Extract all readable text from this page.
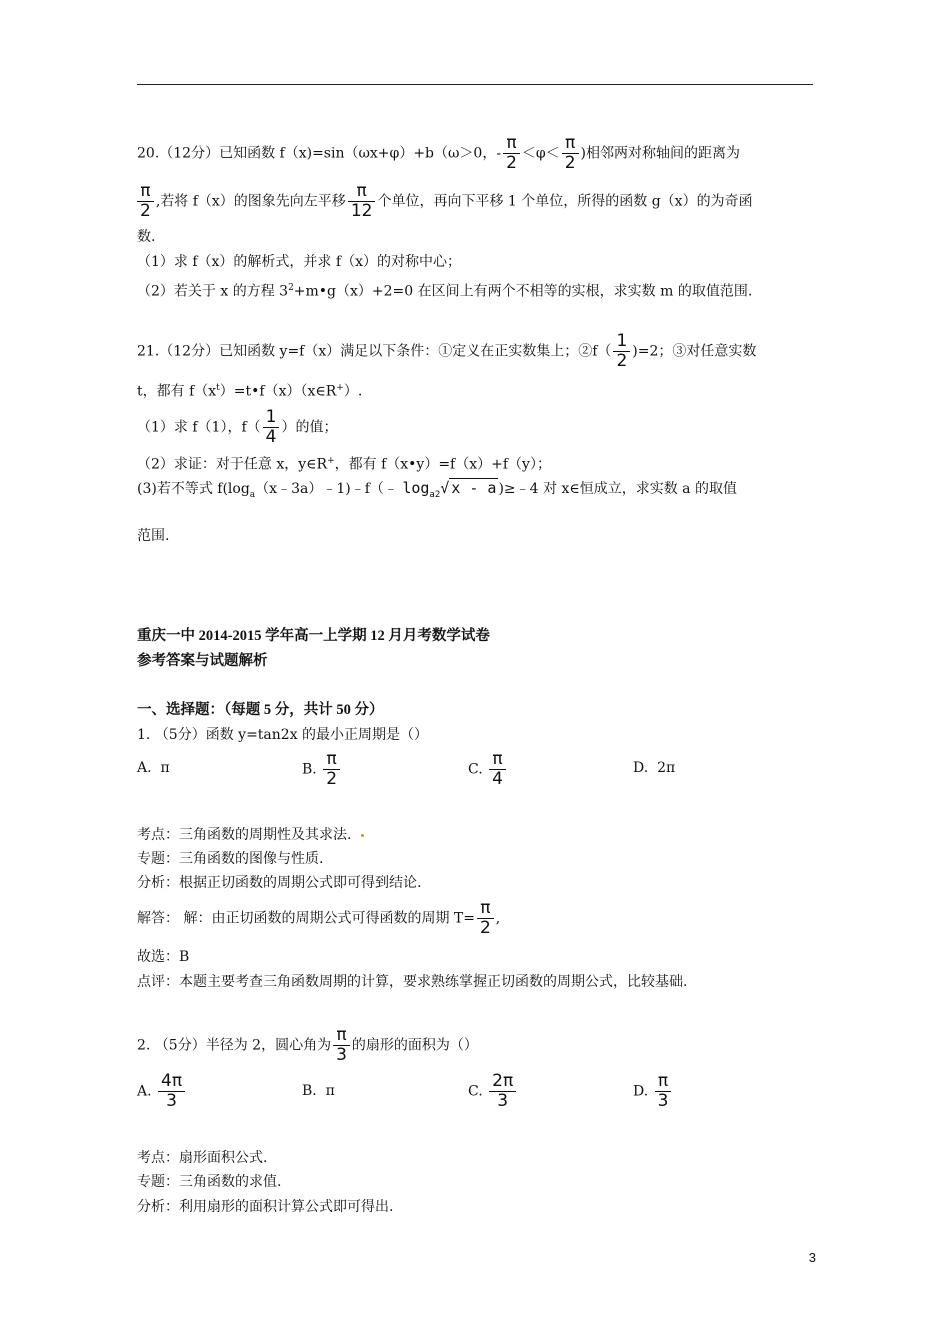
20.（12分）已知函数 f（x)=sin（ωx+φ）+b（ω＞0，- $\frac{\pi}{2} <\varphi< \frac{\pi}{2}$ )相邻两对称轴间的距离为
$\frac{\pi}{2}$ ,若将 f（x）的图象先向左平移 $\frac{\pi}{12}$ 个单位，再向下平移 1 个单位，所得的函数 g（x）的为奇函
数.
（1）求 f（x）的解析式，并求 f（x）的对称中心；
（2）若关于 x 的方程 $3^2+m•g(x)+2=0$ 在区间上有两个不相等的实根，求实数 m 的取值范围.
21.（12分）已知函数 y=f（x）满足以下条件：①定义在正实数集上；②f（ $\frac{1}{2} )=2$；③对任意实数
t，都有 $f(x^t)=t•f(x)(x\in R^+)$.
（1）求 f（1），$f( \frac{1}{4}$ ）的值；
（2）求证：对于任意 x，y∈R+，都有 f（x•y）=f（x）+f（y）；
(3)若不等式 $f(\log_a(x﹣3a)﹣1)﹣f(﹣$ $\log_{a2}√$ x - a )≥﹣4 对 x∈恒成立，求实数 a 的取值
范围.
重庆一中 2014-2015 学年高一上学期 12 月月考数学试卷
参考答案与试题解析
一、选择题：（每题 5 分，共计 50 分）
1. （5分）函数 y=tan2x 的最小正周期是（）
A. π	B. $\frac{\pi}{2}$	C. $\frac{\pi}{4}$	D. 2π
考点：三角函数的周期性及其求法.
专题：三角函数的图像与性质.
分析：根据正切函数的周期公式即可得到结论.
解答： 解：由正切函数的周期公式可得函数的周期 $T= \frac{\pi}{2}$ ,
故选：B
点评：本题主要考查三角函数周期的计算，要求熟练掌握正切函数的周期公式，比较基础.
2. （5分）半径为 2，圆心角为 $\frac{\pi}{3}$ 的扇形的面积为（）
A. $\frac{4\pi}{3}$	B. π	C. $\frac{2\pi}{3}$	D. $\frac{\pi}{3}$
考点：扇形面积公式.
专题：三角函数的求值.
分析：利用扇形的面积计算公式即可得出.
3
